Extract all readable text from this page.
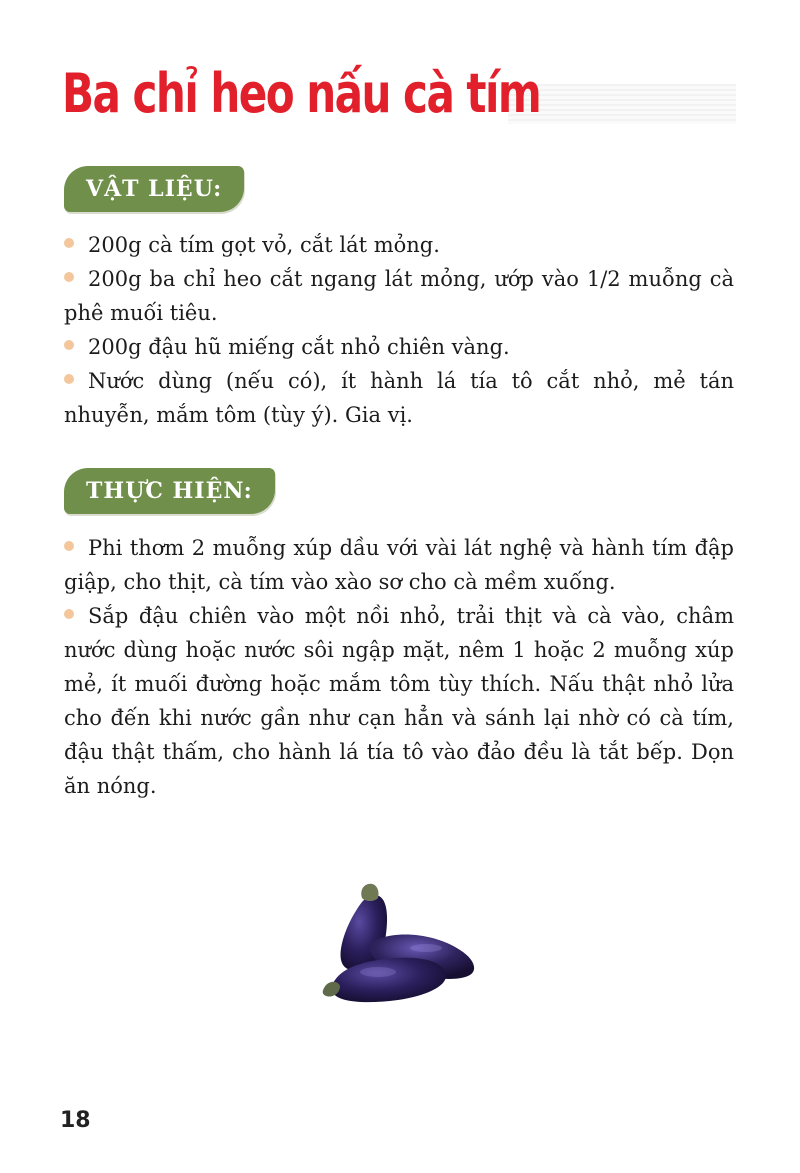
Ba chỉ heo nấu cà tím
VẬT LIỆU:
200g cà tím gọt vỏ, cắt lát mỏng.
200g ba chỉ heo cắt ngang lát mỏng, ướp vào 1/2 muỗng cà phê muối tiêu.
200g đậu hũ miếng cắt nhỏ chiên vàng.
Nước dùng (nếu có), ít hành lá tía tô cắt nhỏ, mẻ tán nhuyễn, mắm tôm (tùy ý). Gia vị.
THỰC HIỆN:
Phi thơm 2 muỗng xúp dầu với vài lát nghệ và hành tím đập giập, cho thịt, cà tím vào xào sơ cho cà mềm xuống.
Sắp đậu chiên vào một nồi nhỏ, trải thịt và cà vào, châm nước dùng hoặc nước sôi ngập mặt, nêm 1 hoặc 2 muỗng xúp mẻ, ít muối đường hoặc mắm tôm tùy thích. Nấu thật nhỏ lửa cho đến khi nước gần như cạn hẳn và sánh lại nhờ có cà tím, đậu thật thấm, cho hành lá tía tô vào đảo đều là tắt bếp. Dọn ăn nóng.
18
